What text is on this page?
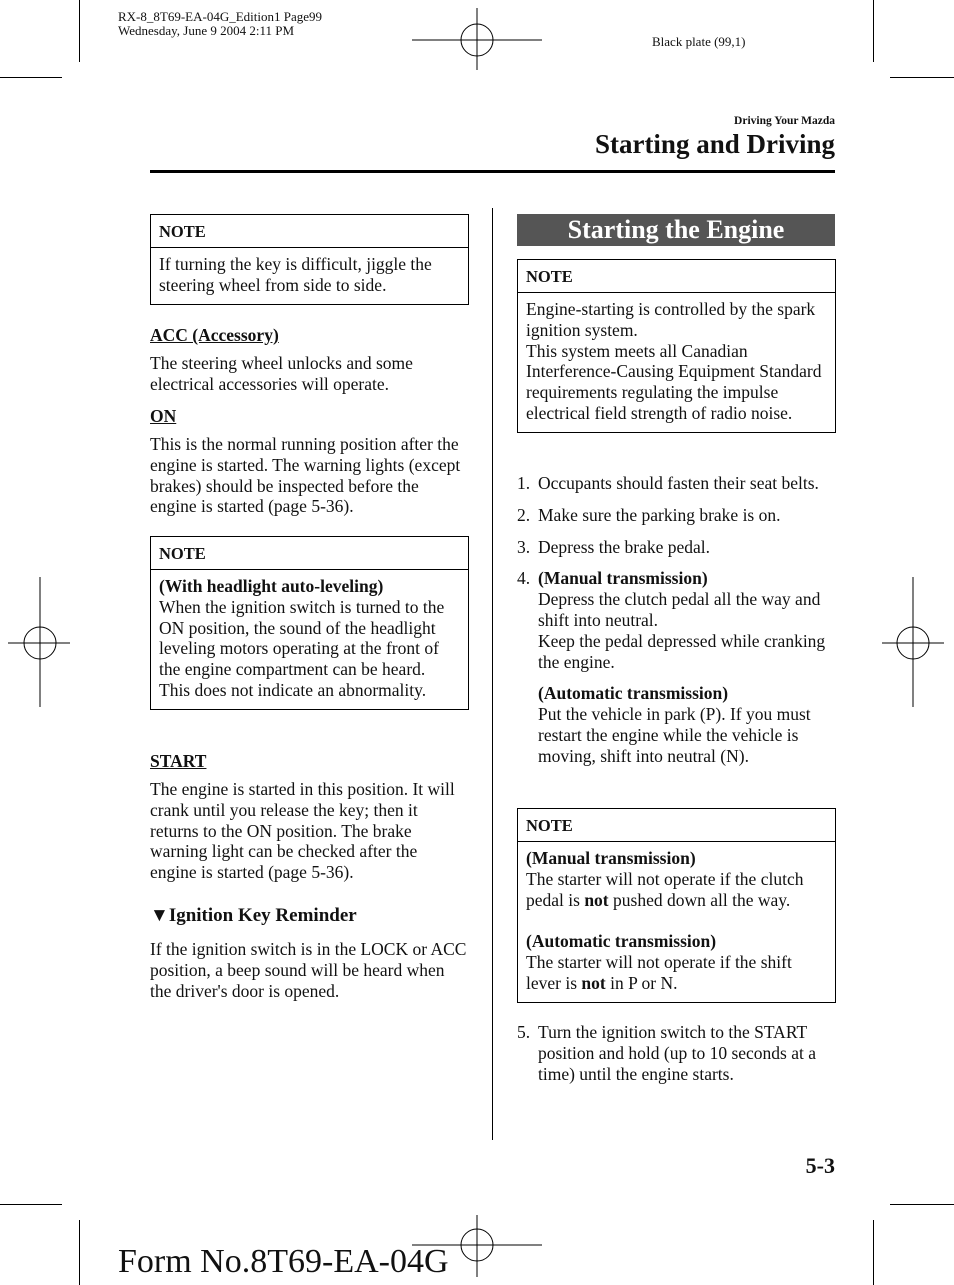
RX-8_8T69-EA-04G_Edition1 Page99
Wednesday, June 9 2004 2:11 PM
Black plate (99,1)
Driving Your Mazda
Starting and Driving
NOTE
If turning the key is difficult, jiggle the steering wheel from side to side.
ACC (Accessory)
The steering wheel unlocks and some electrical accessories will operate.
ON
This is the normal running position after the engine is started. The warning lights (except brakes) should be inspected before the engine is started (page 5-36).
NOTE
(With headlight auto-leveling)
When the ignition switch is turned to the ON position, the sound of the headlight leveling motors operating at the front of the engine compartment can be heard. This does not indicate an abnormality.
START
The engine is started in this position. It will crank until you release the key; then it returns to the ON position. The brake warning light can be checked after the engine is started (page 5-36).
▼Ignition Key Reminder
If the ignition switch is in the LOCK or ACC position, a beep sound will be heard when the driver's door is opened.
Starting the Engine
NOTE
Engine-starting is controlled by the spark ignition system.
This system meets all Canadian Interference-Causing Equipment Standard requirements regulating the impulse electrical field strength of radio noise.
1. Occupants should fasten their seat belts.
2. Make sure the parking brake is on.
3. Depress the brake pedal.
4. (Manual transmission)
Depress the clutch pedal all the way and shift into neutral.
Keep the pedal depressed while cranking the engine.
(Automatic transmission)
Put the vehicle in park (P). If you must restart the engine while the vehicle is moving, shift into neutral (N).
NOTE
(Manual transmission)
The starter will not operate if the clutch pedal is not pushed down all the way.
(Automatic transmission)
The starter will not operate if the shift lever is not in P or N.
5. Turn the ignition switch to the START position and hold (up to 10 seconds at a time) until the engine starts.
5-3
Form No.8T69-EA-04G
